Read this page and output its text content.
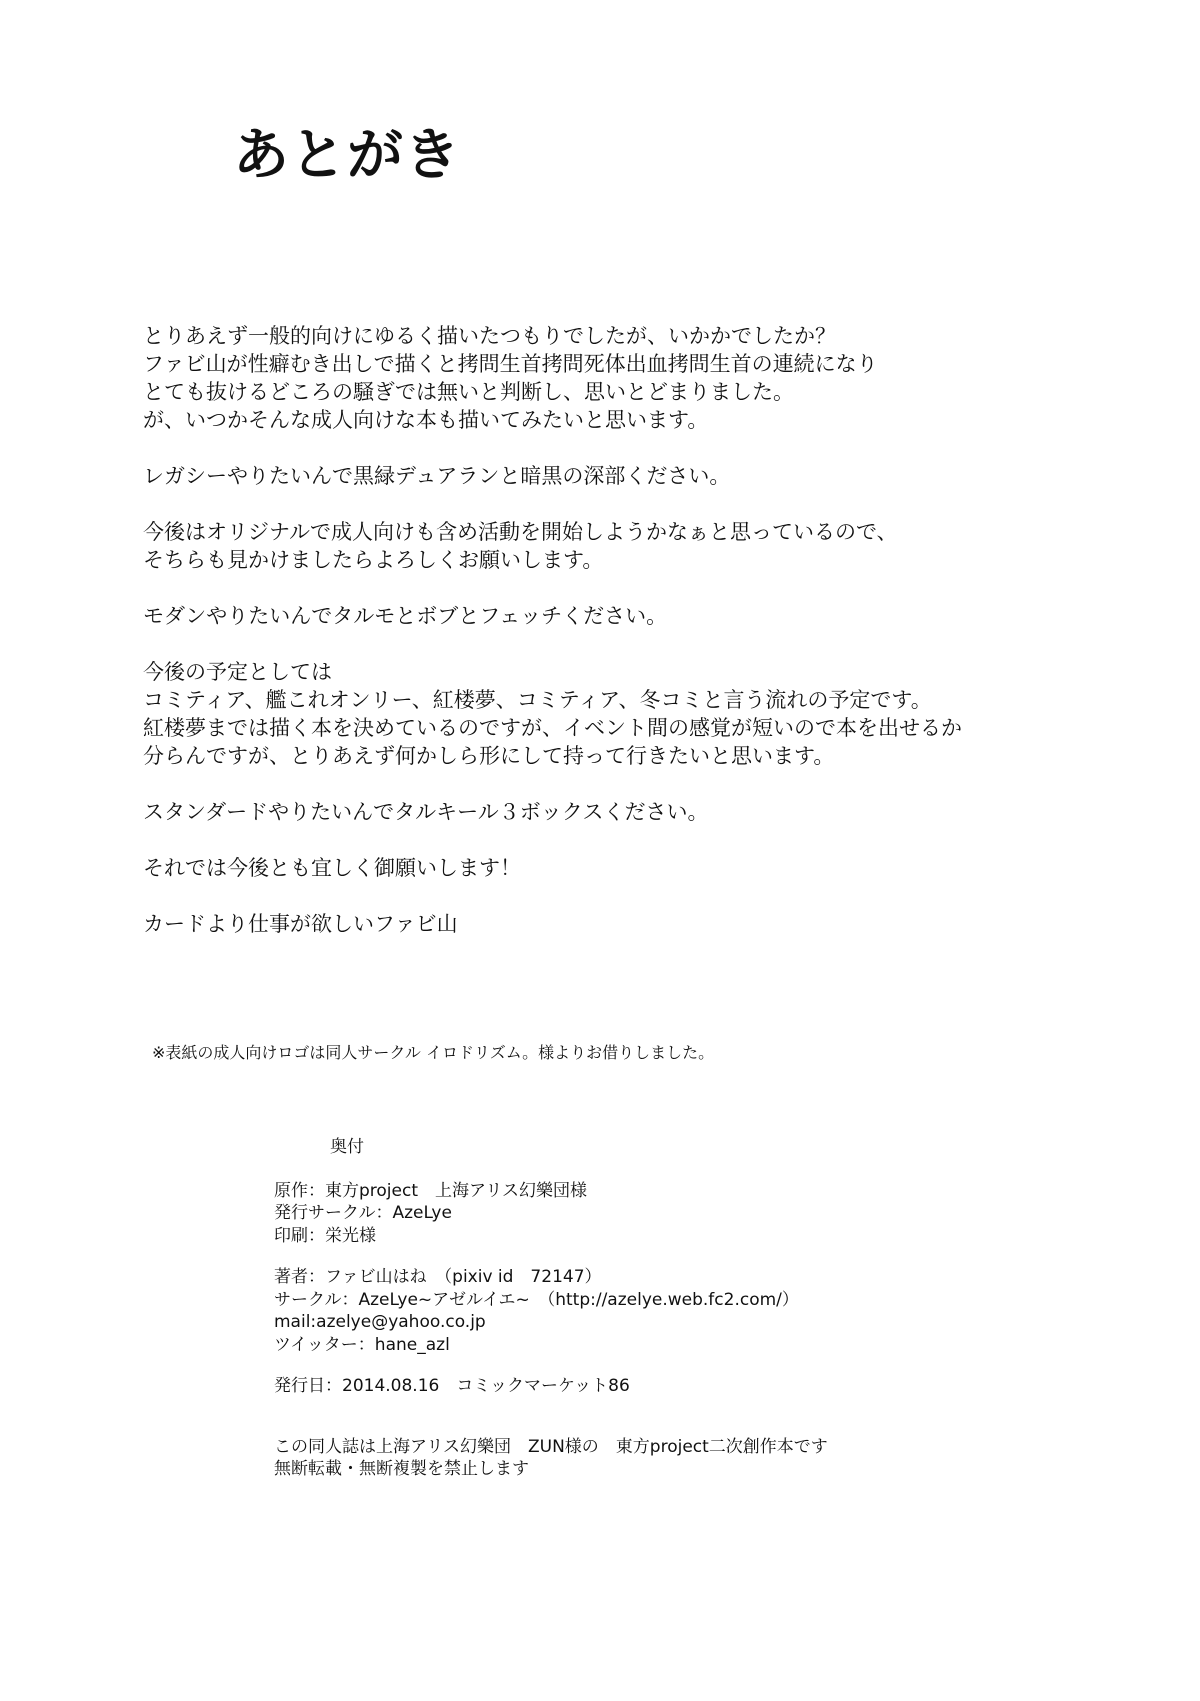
あとがき

とりあえず一般的向けにゆるく描いたつもりでしたが、いかかでしたか？

ファビ山が性癖むき出しで描くと拷問生首拷問死体出血拷問生首の連続になり

とても抜けるどころの騒ぎでは無いと判断し、思いとどまりました。

が、いつかそんな成人向けな本も描いてみたいと思います。

レガシーやりたいんで黒緑デュアランと暗黒の深部ください。

今後はオリジナルで成人向けも含め活動を開始しようかなぁと思っているので、

そちらも見かけましたらよろしくお願いします。

モダンやりたいんでタルモとボブとフェッチください。

今後の予定としては

コミティア、艦これオンリー、紅楼夢、コミティア、冬コミと言う流れの予定です。

紅楼夢までは描く本を決めているのですが、イベント間の感覚が短いので本を出せるか

分らんですが、とりあえず何かしら形にして持って行きたいと思います。

スタンダードやりたいんでタルキール３ボックスください。

それでは今後とも宜しく御願いします！

カードより仕事が欲しいファビ山

※表紙の成人向けロゴは同人サークル イロドリズム。様よりお借りしました。

奥付

原作：東方project　上海アリス幻樂団様

発行サークル：AzeLye

印刷：栄光様

著者：ファビ山はね　（pixiv id　72147）

サークル：AzeLye~アゼルイエ~　（http://azelye.web.fc2.com/）

mail:azelye@yahoo.co.jp

ツイッター：hane_azl

発行日：2014.08.16　コミックマーケット86

この同人誌は上海アリス幻樂団　ZUN様の　東方project二次創作本です

無断転載・無断複製を禁止します
